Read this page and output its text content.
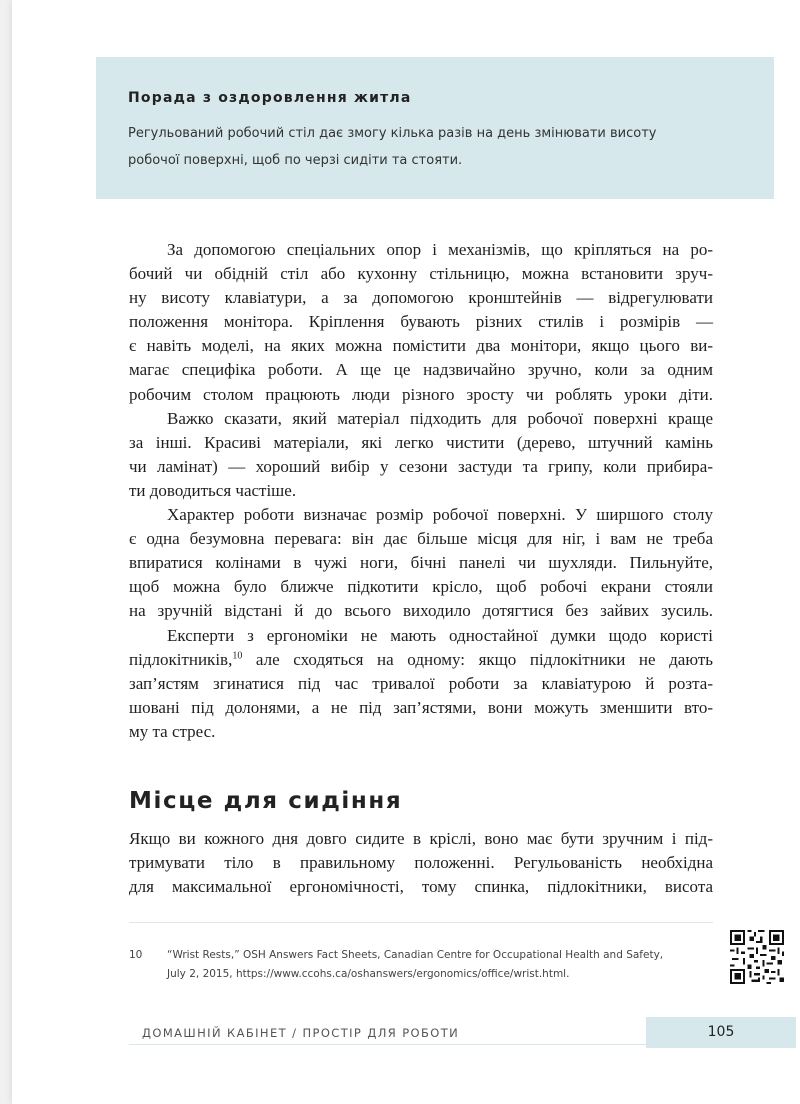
Порада з оздоровлення житла

Регульований робочий стіл дає змогу кілька разів на день змінювати висоту
робочої поверхні, щоб по черзі сидіти та стояти.

За допомогою спеціальних опор і механізмів, що кріпляться на ро-
бочий чи обідній стіл або кухонну стільницю, можна встановити зруч-
ну висоту клавіатури, а за допомогою кронштейнів — відрегулювати
положення монітора. Кріплення бувають різних стилів і розмірів —
є навіть моделі, на яких можна помістити два монітори, якщо цього ви-
магає специфіка роботи. А ще це надзвичайно зручно, коли за одним
робочим столом працюють люди різного зросту чи роблять уроки діти.
Важко сказати, який матеріал підходить для робочої поверхні краще
за інші. Красиві матеріали, які легко чистити (дерево, штучний камінь
чи ламінат) — хороший вибір у сезони застуди та грипу, коли прибира-
ти доводиться частіше.
Характер роботи визначає розмір робочої поверхні. У ширшого столу
є одна безумовна перевага: він дає більше місця для ніг, і вам не треба
впиратися колінами в чужі ноги, бічні панелі чи шухляди. Пильнуйте,
щоб можна було ближче підкотити крісло, щоб робочі екрани стояли
на зручній відстані й до всього виходило дотягтися без зайвих зусиль.
Експерти з ергономіки не мають одностайної думки щодо користі
підлокітників,$^{10}$ але сходяться на одному: якщо підлокітники не дають
зап’ястям згинатися під час тривалої роботи за клавіатурою й розта-
шовані під долонями, а не під зап’ястями, вони можуть зменшити вто-
му та стрес.
Місце для сидіння
Якщо ви кожного дня довго сидите в кріслі, воно має бути зручним і під-
тримувати тіло в правильному положенні. Регульованість необхідна
для максимальної ергономічності, тому спинка, підлокітники, висота
10 “Wrist Rests,” OSH Answers Fact Sheets, Canadian Centre for Occupational Health and Safety,
July 2, 2015, https://www.ccohs.ca/oshanswers/ergonomics/office/wrist.html.

ДОМАШНІЙ КАБІНЕТ / ПРОСТІР ДЛЯ РОБОТИ	105
